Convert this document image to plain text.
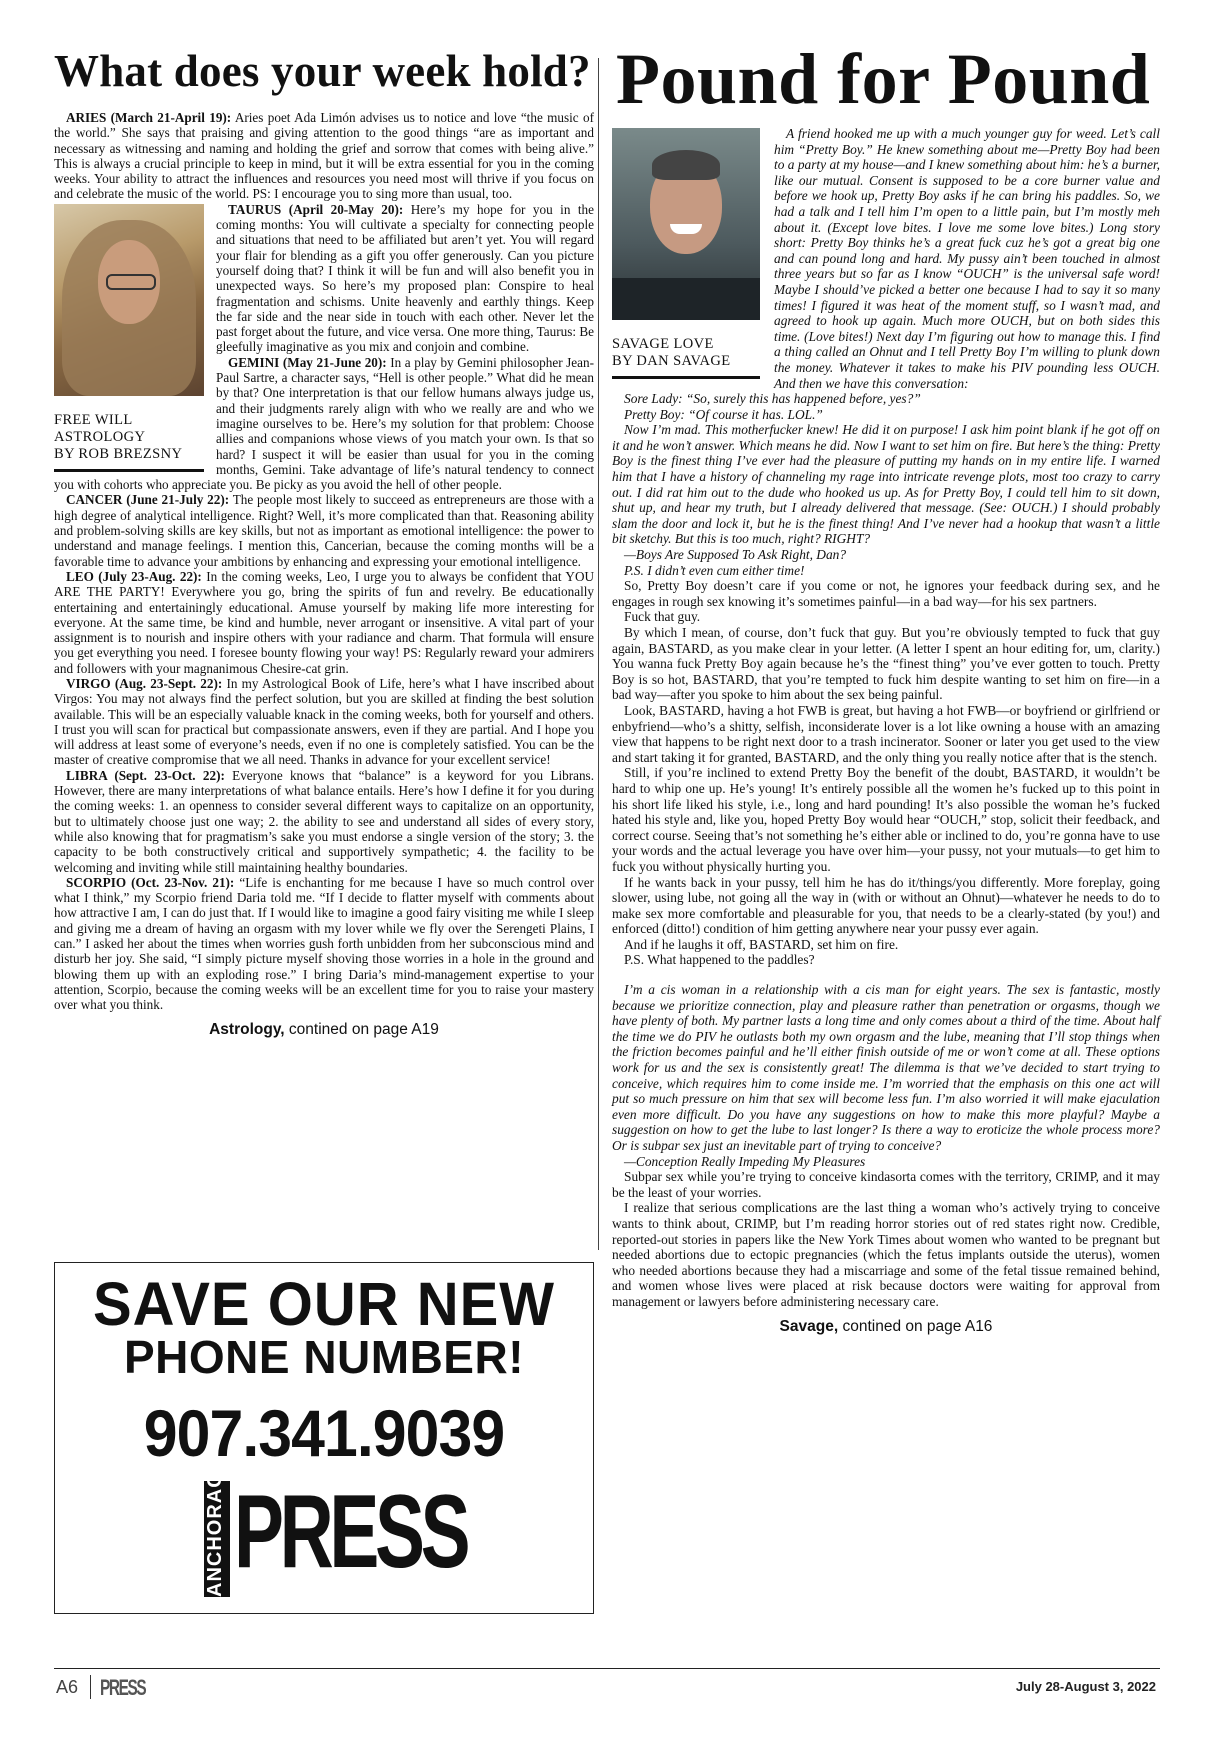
What does your week hold?

ARIES (March 21-April 19): Aries poet Ada Limón advises us to notice and love “the music of the world.” She says that praising and giving attention to the good things “are as important and necessary as witnessing and naming and holding the grief and sorrow that comes with being alive.” This is always a crucial principle to keep in mind, but it will be extra essential for you in the coming weeks. Your ability to attract the influences and resources you need most will thrive if you focus on and celebrate the music of the world. PS: I encourage you to sing more than usual, too.

FREE WILL
ASTROLOGY
BY ROB BREZSNY

TAURUS (April 20-May 20): Here’s my hope for you in the coming months: You will cultivate a specialty for connecting people and situations that need to be affiliated but aren’t yet. You will regard your flair for blending as a gift you offer generously. Can you picture yourself doing that? I think it will be fun and will also benefit you in unexpected ways. So here’s my proposed plan: Conspire to heal fragmentation and schisms. Unite heavenly and earthly things. Keep the far side and the near side in touch with each other. Never let the past forget about the future, and vice versa. One more thing, Taurus: Be gleefully imaginative as you mix and conjoin and combine.

GEMINI (May 21-June 20): In a play by Gemini philosopher Jean-Paul Sartre, a character says, “Hell is other people.” What did he mean by that? One interpretation is that our fellow humans always judge us, and their judgments rarely align with who we really are and who we imagine ourselves to be. Here’s my solution for that problem: Choose allies and companions whose views of you match your own. Is that so hard? I suspect it will be easier than usual for you in the coming months, Gemini. Take advantage of life’s natural tendency to connect you with cohorts who appreciate you. Be picky as you avoid the hell of other people.

CANCER (June 21-July 22): The people most likely to succeed as entrepreneurs are those with a high degree of analytical intelligence. Right? Well, it’s more complicated than that. Reasoning ability and problem-solving skills are key skills, but not as important as emotional intelligence: the power to understand and manage feelings. I mention this, Cancerian, because the coming months will be a favorable time to advance your ambitions by enhancing and expressing your emotional intelligence.

LEO (July 23-Aug. 22): In the coming weeks, Leo, I urge you to always be confident that YOU ARE THE PARTY! Everywhere you go, bring the spirits of fun and revelry. Be educationally entertaining and entertainingly educational. Amuse yourself by making life more interesting for everyone. At the same time, be kind and humble, never arrogant or insensitive. A vital part of your assignment is to nourish and inspire others with your radiance and charm. That formula will ensure you get everything you need. I foresee bounty flowing your way! PS: Regularly reward your admirers and followers with your magnanimous Chesire-cat grin.

VIRGO (Aug. 23-Sept. 22): In my Astrological Book of Life, here’s what I have inscribed about Virgos: You may not always find the perfect solution, but you are skilled at finding the best solution available. This will be an especially valuable knack in the coming weeks, both for yourself and others. I trust you will scan for practical but compassionate answers, even if they are partial. And I hope you will address at least some of everyone’s needs, even if no one is completely satisfied. You can be the master of creative compromise that we all need. Thanks in advance for your excellent service!

LIBRA (Sept. 23-Oct. 22): Everyone knows that “balance” is a keyword for you Librans. However, there are many interpretations of what balance entails. Here’s how I define it for you during the coming weeks: 1. an openness to consider several different ways to capitalize on an opportunity, but to ultimately choose just one way; 2. the ability to see and understand all sides of every story, while also knowing that for pragmatism’s sake you must endorse a single version of the story; 3. the capacity to be both constructively critical and supportively sympathetic; 4. the facility to be welcoming and inviting while still maintaining healthy boundaries.

SCORPIO (Oct. 23-Nov. 21): “Life is enchanting for me because I have so much control over what I think,” my Scorpio friend Daria told me. “If I decide to flatter myself with comments about how attractive I am, I can do just that. If I would like to imagine a good fairy visiting me while I sleep and giving me a dream of having an orgasm with my lover while we fly over the Serengeti Plains, I can.” I asked her about the times when worries gush forth unbidden from her subconscious mind and disturb her joy. She said, “I simply picture myself shoving those worries in a hole in the ground and blowing them up with an exploding rose.” I bring Daria’s mind-management expertise to your attention, Scorpio, because the coming weeks will be an excellent time for you to raise your mastery over what you think.

Astrology, contined on page A19
SAVE OUR NEW
PHONE NUMBER!
907.341.9039
ANCHORAGE PRESS
Pound for Pound
SAVAGE LOVE
BY DAN SAVAGE

A friend hooked me up with a much younger guy for weed. Let’s call him “Pretty Boy.” He knew something about me—Pretty Boy had been to a party at my house—and I knew something about him: he’s a burner, like our mutual. Consent is supposed to be a core burner value and before we hook up, Pretty Boy asks if he can bring his paddles. So, we had a talk and I tell him I’m open to a little pain, but I’m mostly meh about it. (Except love bites. I love me some love bites.) Long story short: Pretty Boy thinks he’s a great fuck cuz he’s got a great big one and can pound long and hard. My pussy ain’t been touched in almost three years but so far as I know “OUCH” is the universal safe word! Maybe I should’ve picked a better one because I had to say it so many times! I figured it was heat of the moment stuff, so I wasn’t mad, and agreed to hook up again. Much more OUCH, but on both sides this time. (Love bites!) Next day I’m figuring out how to manage this. I find a thing called an Ohnut and I tell Pretty Boy I’m willing to plunk down the money. Whatever it takes to make his PIV pounding less OUCH. And then we have this conversation:

Sore Lady: “So, surely this has happened before, yes?”

Pretty Boy: “Of course it has. LOL.”

Now I’m mad. This motherfucker knew! He did it on purpose! I ask him point blank if he got off on it and he won’t answer. Which means he did. Now I want to set him on fire. But here’s the thing: Pretty Boy is the finest thing I’ve ever had the pleasure of putting my hands on in my entire life. I warned him that I have a history of channeling my rage into intricate revenge plots, most too crazy to carry out. I did rat him out to the dude who hooked us up. As for Pretty Boy, I could tell him to sit down, shut up, and hear my truth, but I already delivered that message. (See: OUCH.) I should probably slam the door and lock it, but he is the finest thing! And I’ve never had a hookup that wasn’t a little bit sketchy. But this is too much, right? RIGHT?

—Boys Are Supposed To Ask Right, Dan?

P.S. I didn’t even cum either time!

So, Pretty Boy doesn’t care if you come or not, he ignores your feedback during sex, and he engages in rough sex knowing it’s sometimes painful—in a bad way—for his sex partners.

Fuck that guy.

By which I mean, of course, don’t fuck that guy. But you’re obviously tempted to fuck that guy again, BASTARD, as you make clear in your letter. (A letter I spent an hour editing for, um, clarity.) You wanna fuck Pretty Boy again because he’s the “finest thing” you’ve ever gotten to touch. Pretty Boy is so hot, BASTARD, that you’re tempted to fuck him despite wanting to set him on fire—in a bad way—after you spoke to him about the sex being painful.

Look, BASTARD, having a hot FWB is great, but having a hot FWB—or boyfriend or girlfriend or enbyfriend—who’s a shitty, selfish, inconsiderate lover is a lot like owning a house with an amazing view that happens to be right next door to a trash incinerator. Sooner or later you get used to the view and start taking it for granted, BASTARD, and the only thing you really notice after that is the stench.

Still, if you’re inclined to extend Pretty Boy the benefit of the doubt, BASTARD, it wouldn’t be hard to whip one up. He’s young! It’s entirely possible all the women he’s fucked up to this point in his short life liked his style, i.e., long and hard pounding! It’s also possible the woman he’s fucked hated his style and, like you, hoped Pretty Boy would hear “OUCH,” stop, solicit their feedback, and correct course. Seeing that’s not something he’s either able or inclined to do, you’re gonna have to use your words and the actual leverage you have over him—your pussy, not your mutuals—to get him to fuck you without physically hurting you.

If he wants back in your pussy, tell him he has do it/things/you differently. More foreplay, going slower, using lube, not going all the way in (with or without an Ohnut)—whatever he needs to do to make sex more comfortable and pleasurable for you, that needs to be a clearly-stated (by you!) and enforced (ditto!) condition of him getting anywhere near your pussy ever again.

And if he laughs it off, BASTARD, set him on fire.

P.S. What happened to the paddles?

I’m a cis woman in a relationship with a cis man for eight years. The sex is fantastic, mostly because we prioritize connection, play and pleasure rather than penetration or orgasms, though we have plenty of both. My partner lasts a long time and only comes about a third of the time. About half the time we do PIV he outlasts both my own orgasm and the lube, meaning that I’ll stop things when the friction becomes painful and he’ll either finish outside of me or won’t come at all. These options work for us and the sex is consistently great! The dilemma is that we’ve decided to start trying to conceive, which requires him to come inside me. I’m worried that the emphasis on this one act will put so much pressure on him that sex will become less fun. I’m also worried it will make ejaculation even more difficult. Do you have any suggestions on how to make this more playful? Maybe a suggestion on how to get the lube to last longer? Is there a way to eroticize the whole process more? Or is subpar sex just an inevitable part of trying to conceive?

—Conception Really Impeding My Pleasures

Subpar sex while you’re trying to conceive kindasorta comes with the territory, CRIMP, and it may be the least of your worries.

I realize that serious complications are the last thing a woman who’s actively trying to conceive wants to think about, CRIMP, but I’m reading horror stories out of red states right now. Credible, reported-out stories in papers like the New York Times about women who wanted to be pregnant but needed abortions due to ectopic pregnancies (which the fetus implants outside the uterus), women who needed abortions because they had a miscarriage and some of the fetal tissue remained behind, and women whose lives were placed at risk because doctors were waiting for approval from management or lawyers before administering necessary care.

Savage, contined on page A16
A6 PRESS	July 28-August 3, 2022
